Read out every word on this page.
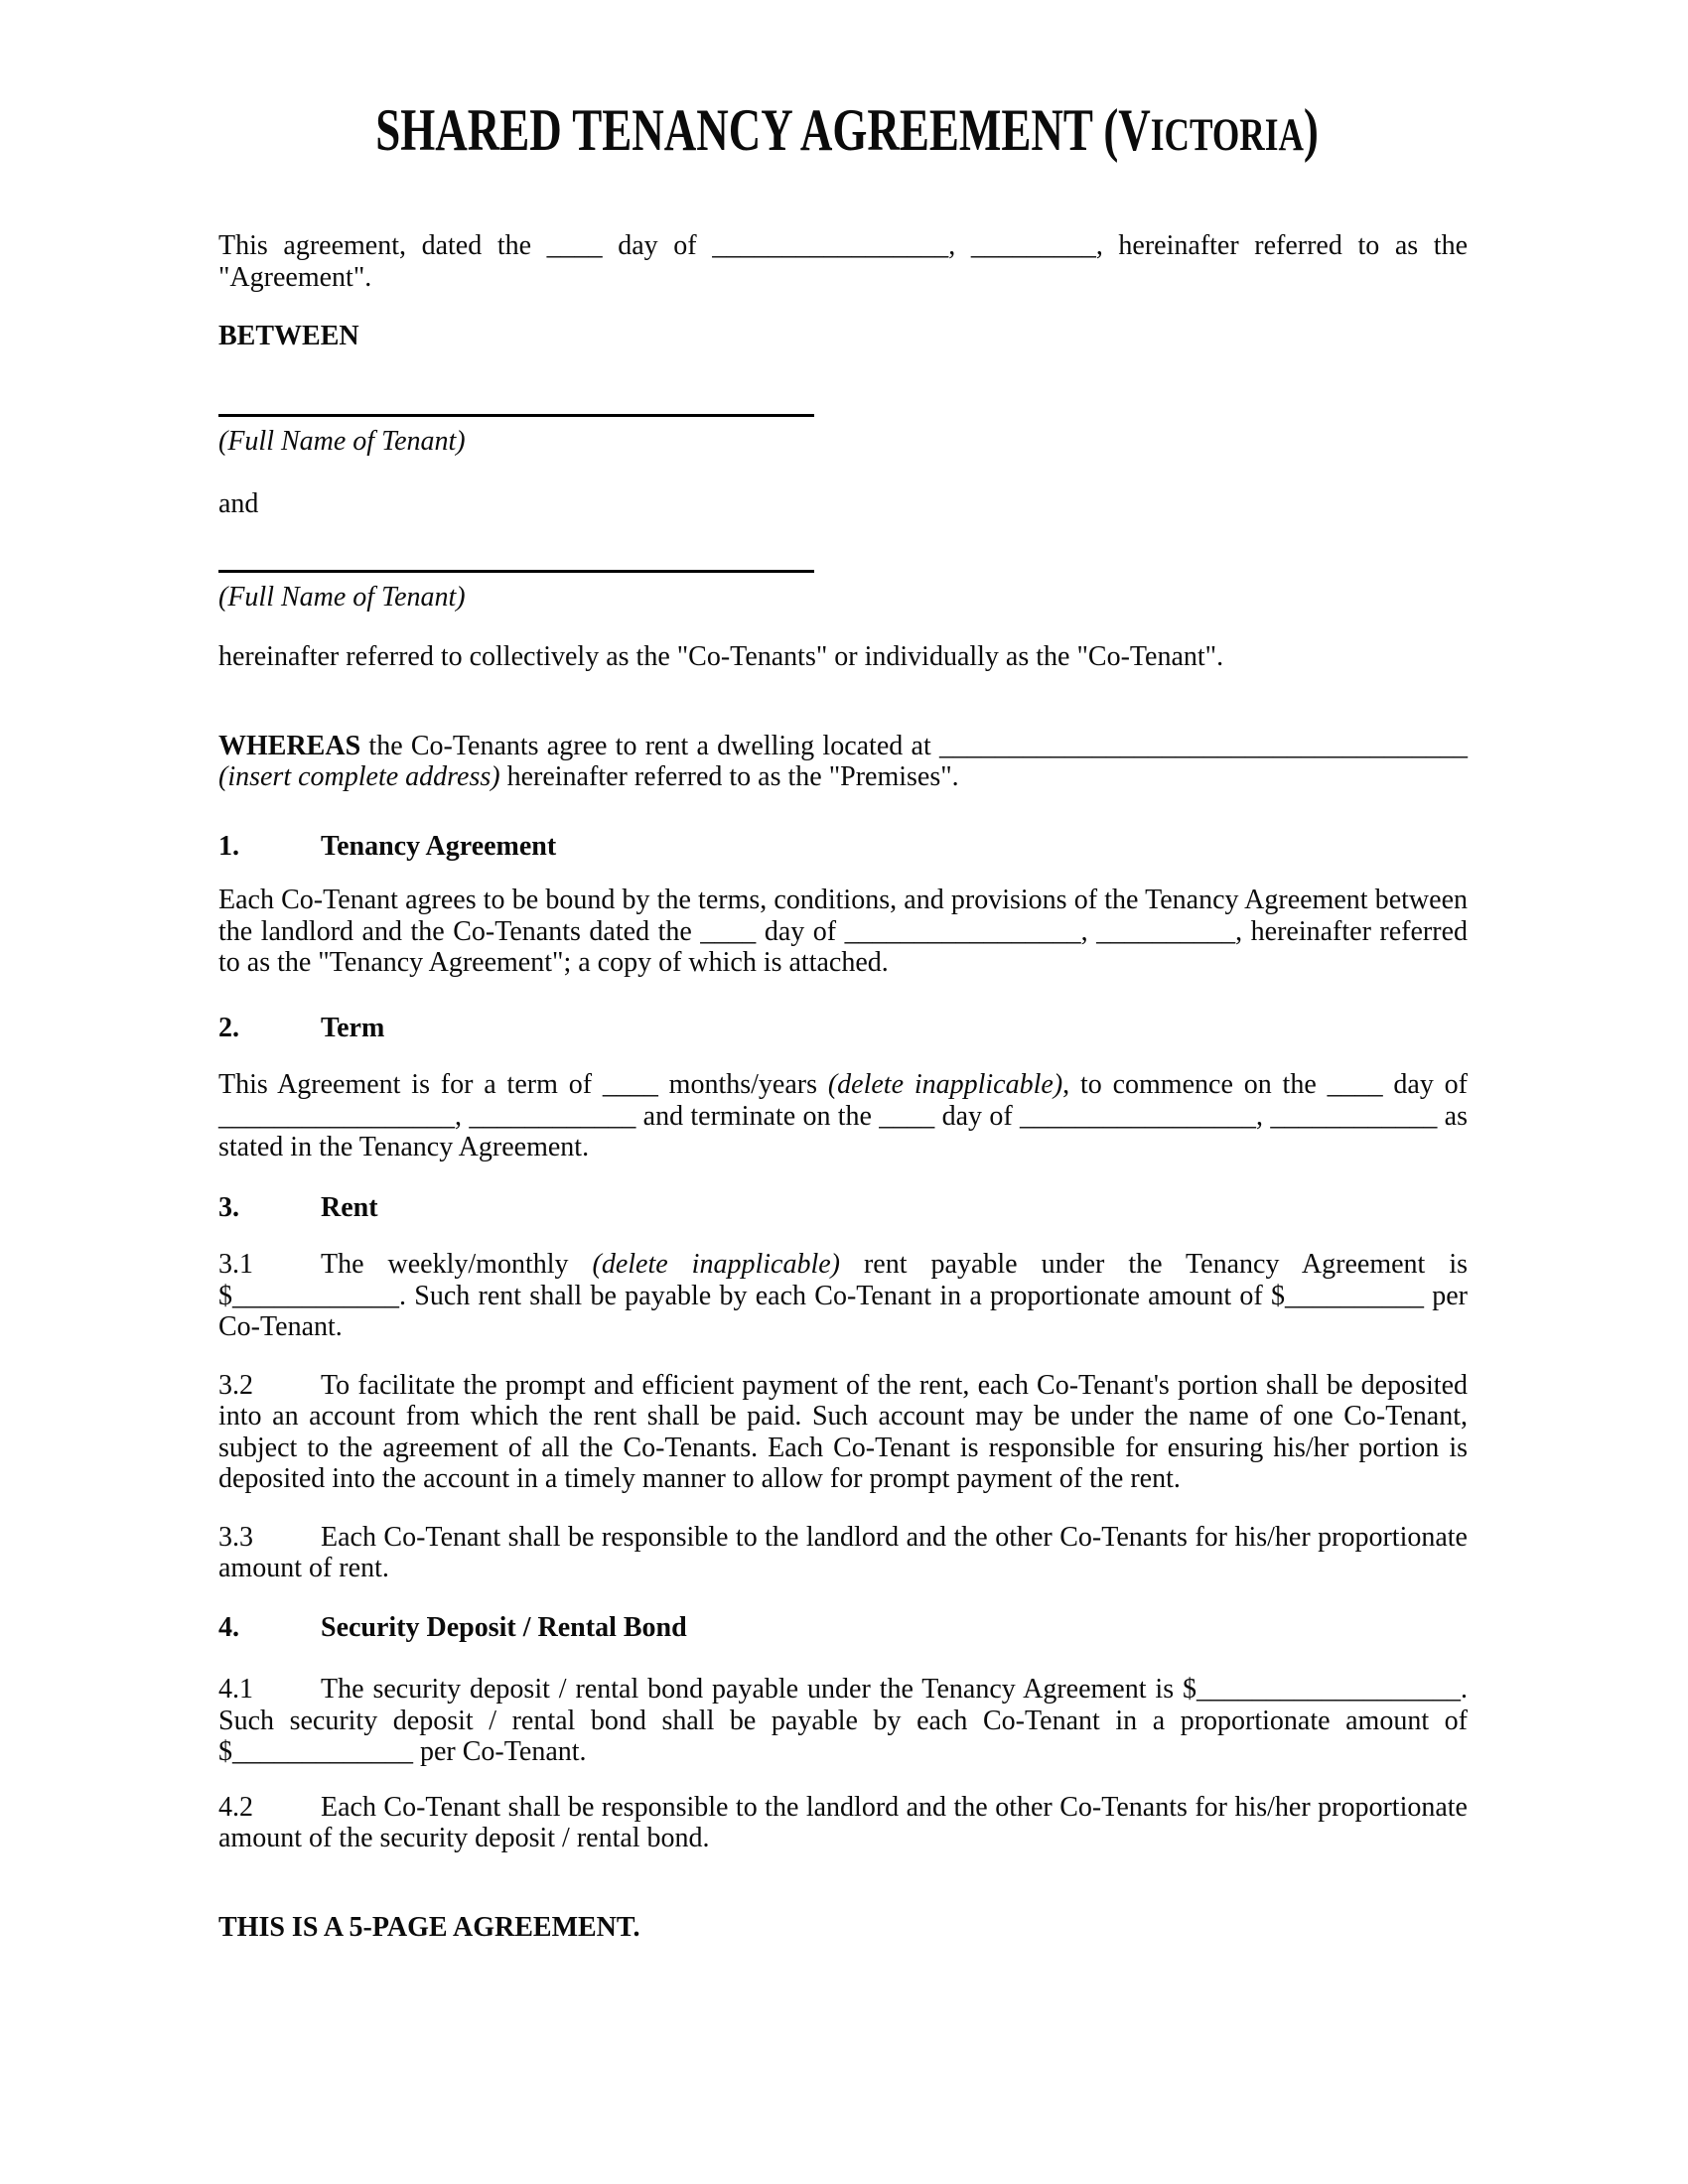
SHARED TENANCY AGREEMENT (VICTORIA)

This agreement, dated the ____ day of _________________, _________, hereinafter referred to as the "Agreement".

BETWEEN

(Full Name of Tenant)

and

(Full Name of Tenant)

hereinafter referred to collectively as the "Co-Tenants" or individually as the "Co-Tenant".

WHEREAS the Co-Tenants agree to rent a dwelling located at ______________________________________ (insert complete address) hereinafter referred to as the "Premises".

1.	Tenancy Agreement

Each Co-Tenant agrees to be bound by the terms, conditions, and provisions of the Tenancy Agreement between the landlord and the Co-Tenants dated the ____ day of _________________, __________, hereinafter referred to as the "Tenancy Agreement"; a copy of which is attached.

2.	Term

This Agreement is for a term of ____ months/years (delete inapplicable), to commence on the ____ day of _________________, ____________ and terminate on the ____ day of _________________, ____________ as stated in the Tenancy Agreement.

3.	Rent

3.1 The weekly/monthly (delete inapplicable) rent payable under the Tenancy Agreement is $____________. Such rent shall be payable by each Co-Tenant in a proportionate amount of $__________ per Co-Tenant.

3.2 To facilitate the prompt and efficient payment of the rent, each Co-Tenant's portion shall be deposited into an account from which the rent shall be paid. Such account may be under the name of one Co-Tenant, subject to the agreement of all the Co-Tenants. Each Co-Tenant is responsible for ensuring his/her portion is deposited into the account in a timely manner to allow for prompt payment of the rent.

3.3 Each Co-Tenant shall be responsible to the landlord and the other Co-Tenants for his/her proportionate amount of rent.

4.	Security Deposit / Rental Bond

4.1 The security deposit / rental bond payable under the Tenancy Agreement is $___________________. Such security deposit / rental bond shall be payable by each Co-Tenant in a proportionate amount of $_____________ per Co-Tenant.

4.2 Each Co-Tenant shall be responsible to the landlord and the other Co-Tenants for his/her proportionate amount of the security deposit / rental bond.

THIS IS A 5-PAGE AGREEMENT.
